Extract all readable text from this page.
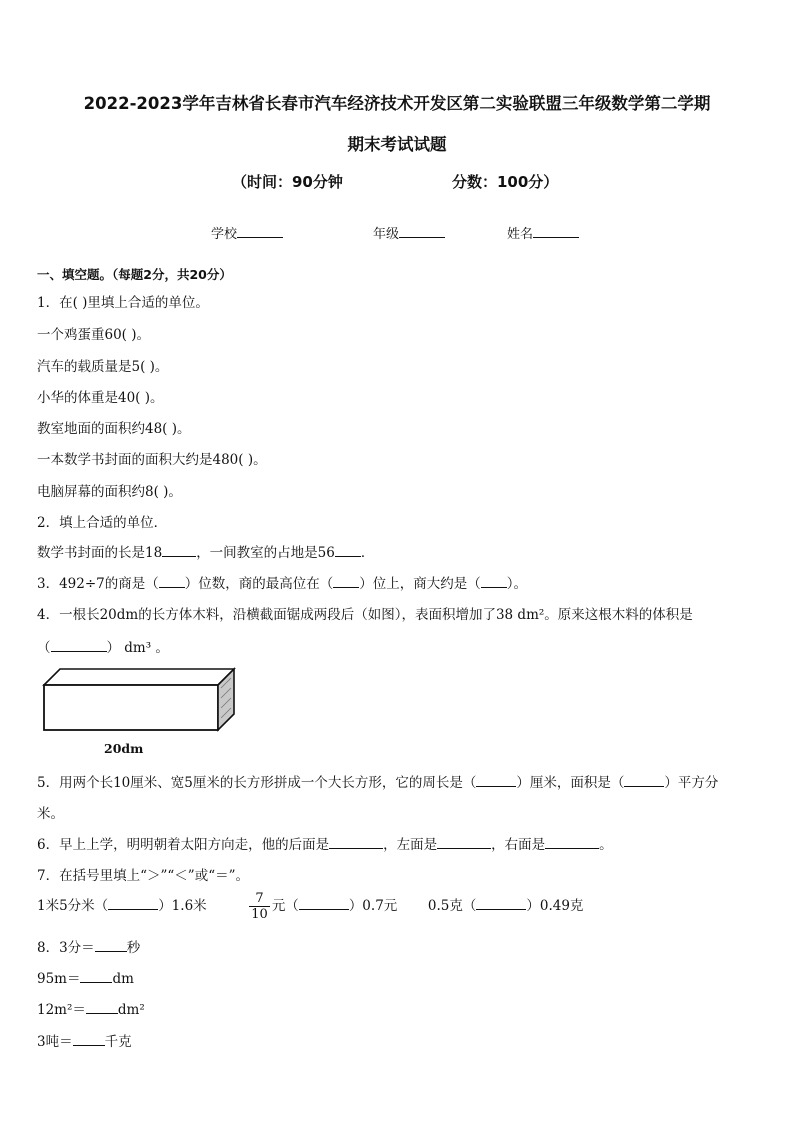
2022-2023学年吉林省长春市汽车经济技术开发区第二实验联盟三年级数学第二学期
期末考试试题
（时间：90分钟	分数：100分）
学校	年级	姓名
一、填空题。（每题2分，共20分）
1．在( )里填上合适的单位。
一个鸡蛋重60( )。
汽车的载质量是5( )。
小华的体重是40( )。
教室地面的面积约48( )。
一本数学书封面的面积大约是480( )。
电脑屏幕的面积约8( )。
2．填上合适的单位．
数学书封面的长是18	，一间教室的占地是56 ．
3．492÷7的商是（ ）位数，商的最高位在（ ）位上，商大约是（ ）。
4．一根长20dm的长方体木料，沿横截面锯成两段后（如图），表面积增加了38 dm²。原来这根木料的体积是
（	） dm³ 。
20dm
5．用两个长10厘米、宽5厘米的长方形拼成一个大长方形，它的周长是（	）厘米，面积是（	）平方分
米。
6．早上上学，明明朝着太阳方向走，他的后面是	，左面是	，右面是	。
7．在括号里填上“＞”“＜”或“＝”。
1米5分米（	）1.6米	$\frac{7}{10}$ 元（	）0.7元 0.5克（	）0.49克
8．3分＝ 秒
95m＝ dm
12m²＝ dm²
3吨＝ 千克
